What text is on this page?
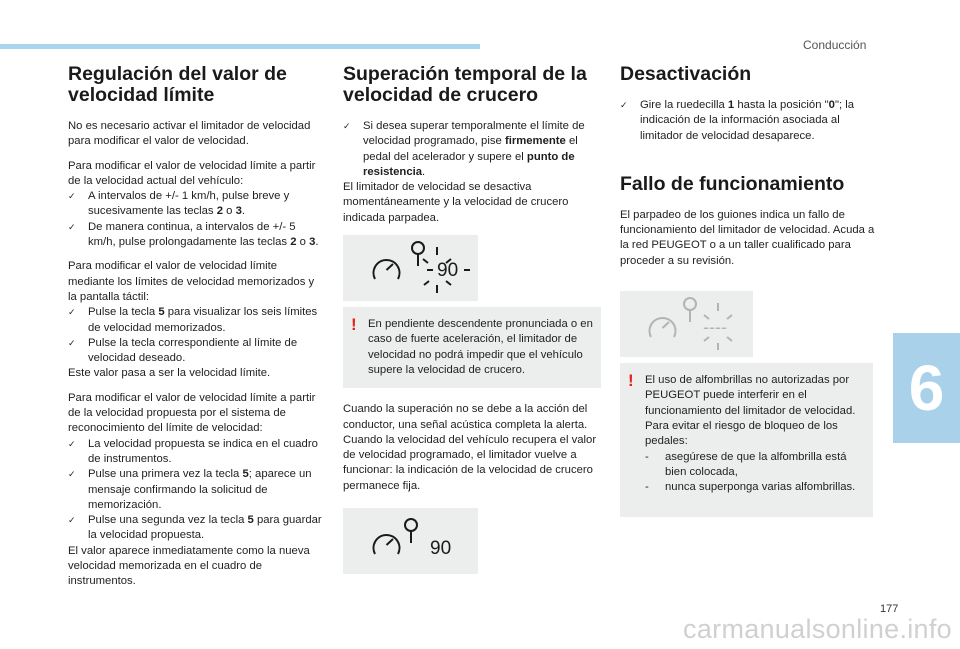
Conducción
6
177
carmanualsonline.info
Regulación del valor de velocidad límite

No es necesario activar el limitador de velocidad para modificar el valor de velocidad.

Para modificar el valor de velocidad límite a partir de la velocidad actual del vehículo:

✓ A intervalos de +/- 1 km/h, pulse breve y sucesivamente las teclas 2 o 3.
✓ De manera continua, a intervalos de +/- 5 km/h, pulse prolongadamente las teclas 2 o 3.

Para modificar el valor de velocidad límite mediante los límites de velocidad memorizados y la pantalla táctil:

✓ Pulse la tecla 5 para visualizar los seis límites de velocidad memorizados.
✓ Pulse la tecla correspondiente al límite de velocidad deseado.

Este valor pasa a ser la velocidad límite.

Para modificar el valor de velocidad límite a partir de la velocidad propuesta por el sistema de reconocimiento del límite de velocidad:

✓ La velocidad propuesta se indica en el cuadro de instrumentos.
✓ Pulse una primera vez la tecla 5; aparece un mensaje confirmando la solicitud de memorización.
✓ Pulse una segunda vez la tecla 5 para guardar la velocidad propuesta.

El valor aparece inmediatamente como la nueva velocidad memorizada en el cuadro de instrumentos.

Superación temporal de la velocidad de crucero
✓ Si desea superar temporalmente el límite de velocidad programado, pise firmemente el pedal del acelerador y supere el punto de resistencia.

El limitador de velocidad se desactiva momentáneamente y la velocidad de crucero indicada parpadea.

90
! En pendiente descendente pronunciada o en caso de fuerte aceleración, el limitador de velocidad no podrá impedir que el vehículo supere la velocidad de crucero.

Cuando la superación no se debe a la acción del conductor, una señal acústica completa la alerta.

Cuando la velocidad del vehículo recupera el valor de velocidad programado, el limitador vuelve a funcionar: la indicación de la velocidad de crucero permanece fija.

90
Desactivación
✓ Gire la ruedecilla 1 hasta la posición "0"; la indicación de la información asociada al limitador de velocidad desaparece.
Fallo de funcionamiento

El parpadeo de los guiones indica un fallo de funcionamiento del limitador de velocidad. Acuda a la red PEUGEOT o a un taller cualificado para proceder a su revisión.

----
! El uso de alfombrillas no autorizadas por PEUGEOT puede interferir en el funcionamiento del limitador de velocidad. Para evitar el riesgo de bloqueo de los pedales:
- asegúrese de que la alfombrilla está bien colocada,
- nunca superponga varias alfombrillas.
